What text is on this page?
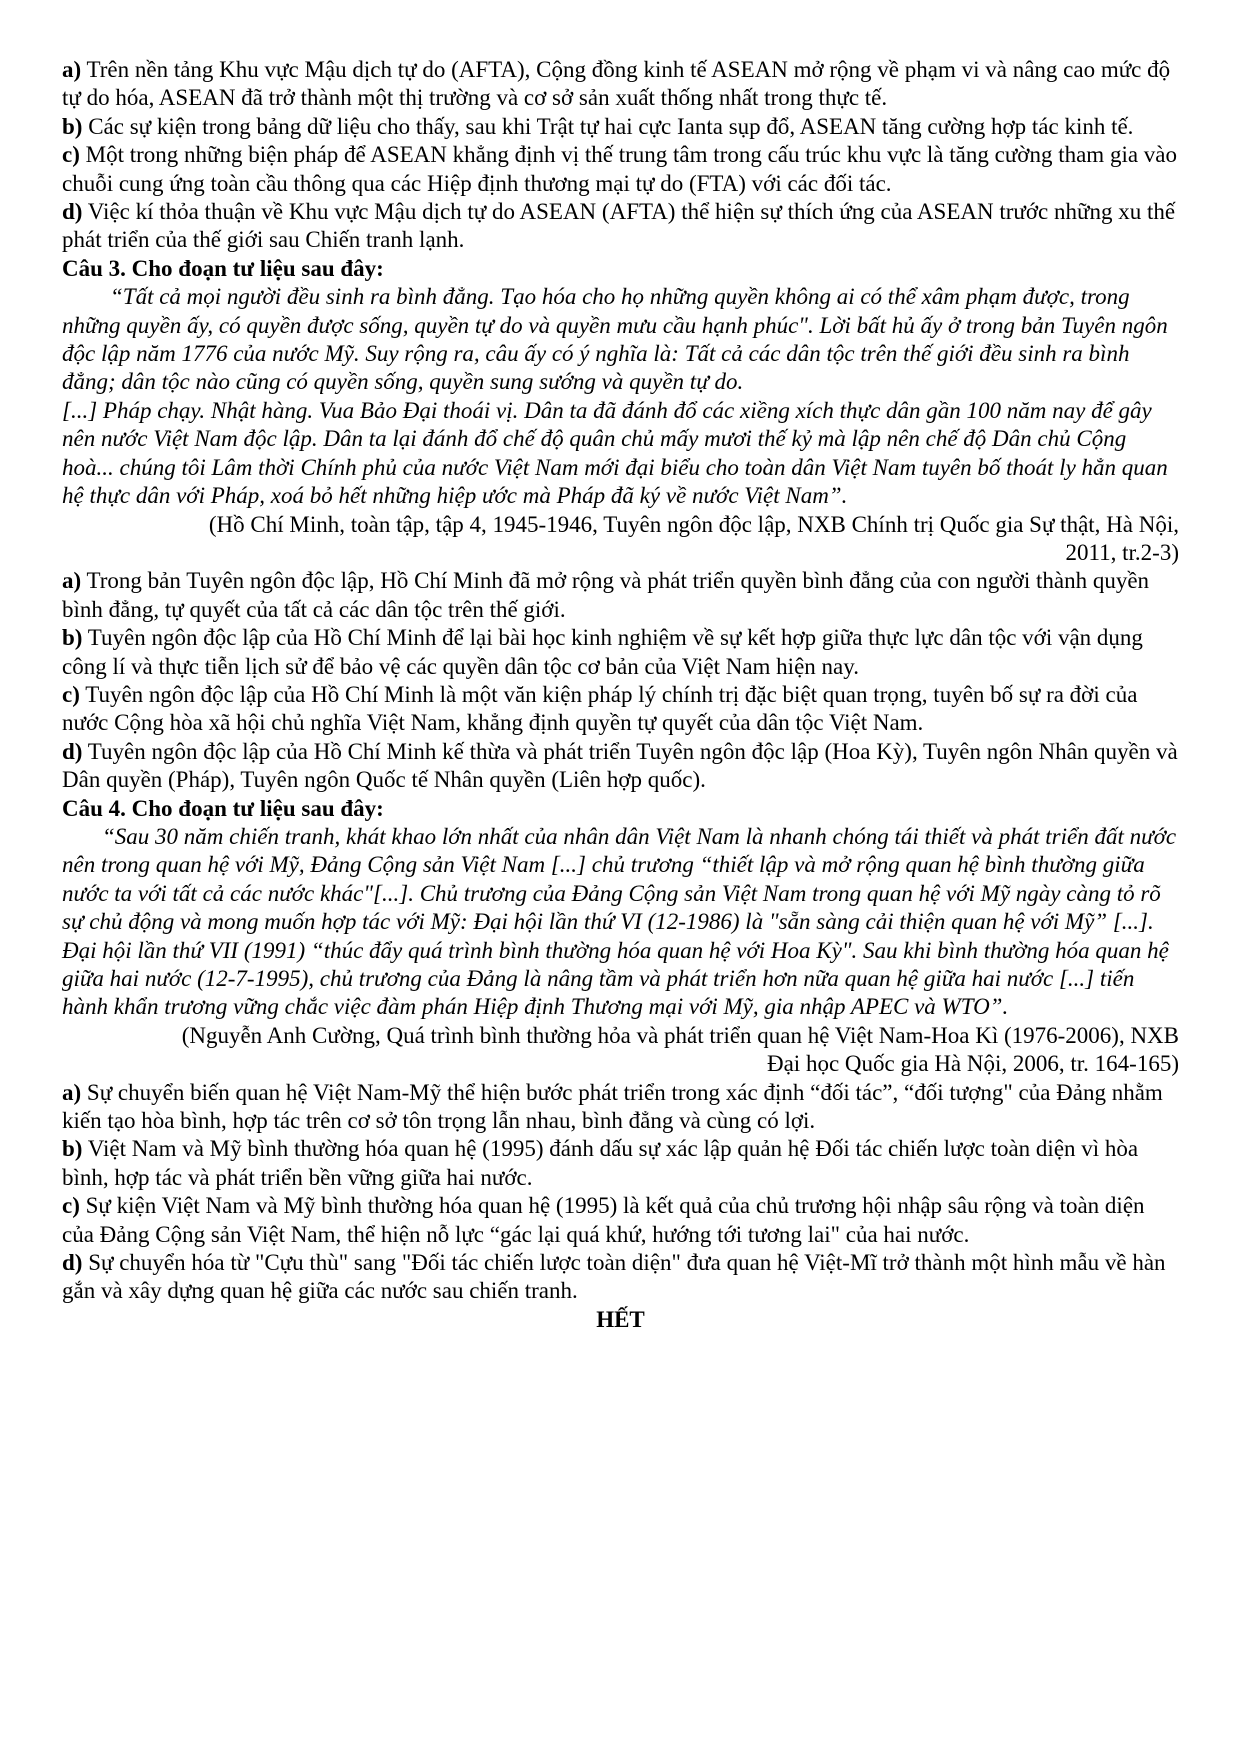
a) Trên nền tảng Khu vực Mậu dịch tự do (AFTA), Cộng đồng kinh tế ASEAN mở rộng về phạm vi và nâng cao mức độ tự do hóa, ASEAN đã trở thành một thị trường và cơ sở sản xuất thống nhất trong thực tế.

b) Các sự kiện trong bảng dữ liệu cho thấy, sau khi Trật tự hai cực Ianta sụp đổ, ASEAN tăng cường hợp tác kinh tế.

c) Một trong những biện pháp để ASEAN khẳng định vị thế trung tâm trong cấu trúc khu vực là tăng cường tham gia vào chuỗi cung ứng toàn cầu thông qua các Hiệp định thương mại tự do (FTA) với các đối tác.

d) Việc kí thỏa thuận về Khu vực Mậu dịch tự do ASEAN (AFTA) thể hiện sự thích ứng của ASEAN trước những xu thế phát triển của thế giới sau Chiến tranh lạnh.

Câu 3. Cho đoạn tư liệu sau đây:

“Tất cả mọi người đều sinh ra bình đẳng. Tạo hóa cho họ những quyền không ai có thể xâm phạm được, trong những quyền ấy, có quyền được sống, quyền tự do và quyền mưu cầu hạnh phúc". Lời bất hủ ấy ở trong bản Tuyên ngôn độc lập năm 1776 của nước Mỹ. Suy rộng ra, câu ấy có ý nghĩa là: Tất cả các dân tộc trên thế giới đều sinh ra bình đẳng; dân tộc nào cũng có quyền sống, quyền sung sướng và quyền tự do.

[...] Pháp chạy. Nhật hàng. Vua Bảo Đại thoái vị. Dân ta đã đánh đổ các xiềng xích thực dân gần 100 năm nay để gây nên nước Việt Nam độc lập. Dân ta lại đánh đổ chế độ quân chủ mấy mươi thế kỷ mà lập nên chế độ Dân chủ Cộng hoà... chúng tôi Lâm thời Chính phủ của nước Việt Nam mới đại biểu cho toàn dân Việt Nam tuyên bố thoát ly hẳn quan hệ thực dân với Pháp, xoá bỏ hết những hiệp ước mà Pháp đã ký về nước Việt Nam”.

(Hồ Chí Minh, toàn tập, tập 4, 1945-1946, Tuyên ngôn độc lập, NXB Chính trị Quốc gia Sự thật, Hà Nội,

2011, tr.2-3)

a) Trong bản Tuyên ngôn độc lập, Hồ Chí Minh đã mở rộng và phát triển quyền bình đẳng của con người thành quyền bình đẳng, tự quyết của tất cả các dân tộc trên thế giới.

b) Tuyên ngôn độc lập của Hồ Chí Minh để lại bài học kinh nghiệm về sự kết hợp giữa thực lực dân tộc với vận dụng công lí và thực tiễn lịch sử để bảo vệ các quyền dân tộc cơ bản của Việt Nam hiện nay.

c) Tuyên ngôn độc lập của Hồ Chí Minh là một văn kiện pháp lý chính trị đặc biệt quan trọng, tuyên bố sự ra đời của nước Cộng hòa xã hội chủ nghĩa Việt Nam, khẳng định quyền tự quyết của dân tộc Việt Nam.

d) Tuyên ngôn độc lập của Hồ Chí Minh kế thừa và phát triển Tuyên ngôn độc lập (Hoa Kỳ), Tuyên ngôn Nhân quyền và Dân quyền (Pháp), Tuyên ngôn Quốc tế Nhân quyền (Liên hợp quốc).

Câu 4. Cho đoạn tư liệu sau đây:

“Sau 30 năm chiến tranh, khát khao lớn nhất của nhân dân Việt Nam là nhanh chóng tái thiết và phát triển đất nước nên trong quan hệ với Mỹ, Đảng Cộng sản Việt Nam [...] chủ trương “thiết lập và mở rộng quan hệ bình thường giữa nước ta với tất cả các nước khác"[...]. Chủ trương của Đảng Cộng sản Việt Nam trong quan hệ với Mỹ ngày càng tỏ rõ sự chủ động và mong muốn hợp tác với Mỹ: Đại hội lần thứ VI (12-1986) là "sẵn sàng cải thiện quan hệ với Mỹ” [...]. Đại hội lần thứ VII (1991) “thúc đẩy quá trình bình thường hóa quan hệ với Hoa Kỳ". Sau khi bình thường hóa quan hệ giữa hai nước (12-7-1995), chủ trương của Đảng là nâng tầm và phát triển hơn nữa quan hệ giữa hai nước [...] tiến hành khẩn trương vững chắc việc đàm phán Hiệp định Thương mại với Mỹ, gia nhập APEC và WTO”.

(Nguyễn Anh Cường, Quá trình bình thường hỏa và phát triển quan hệ Việt Nam-Hoa Kì (1976-2006), NXB

Đại học Quốc gia Hà Nội, 2006, tr. 164-165)

a) Sự chuyển biến quan hệ Việt Nam-Mỹ thể hiện bước phát triển trong xác định “đối tác”, “đối tượng" của Đảng nhằm kiến tạo hòa bình, hợp tác trên cơ sở tôn trọng lẫn nhau, bình đẳng và cùng có lợi.

b) Việt Nam và Mỹ bình thường hóa quan hệ (1995) đánh dấu sự xác lập quản hệ Đối tác chiến lược toàn diện vì hòa bình, hợp tác và phát triển bền vững giữa hai nước.

c) Sự kiện Việt Nam và Mỹ bình thường hóa quan hệ (1995) là kết quả của chủ trương hội nhập sâu rộng và toàn diện của Đảng Cộng sản Việt Nam, thể hiện nỗ lực “gác lại quá khứ, hướng tới tương lai" của hai nước.

d) Sự chuyển hóa từ "Cựu thù" sang "Đối tác chiến lược toàn diện" đưa quan hệ Việt-Mĩ trở thành một hình mẫu về hàn gắn và xây dựng quan hệ giữa các nước sau chiến tranh.

HẾT
